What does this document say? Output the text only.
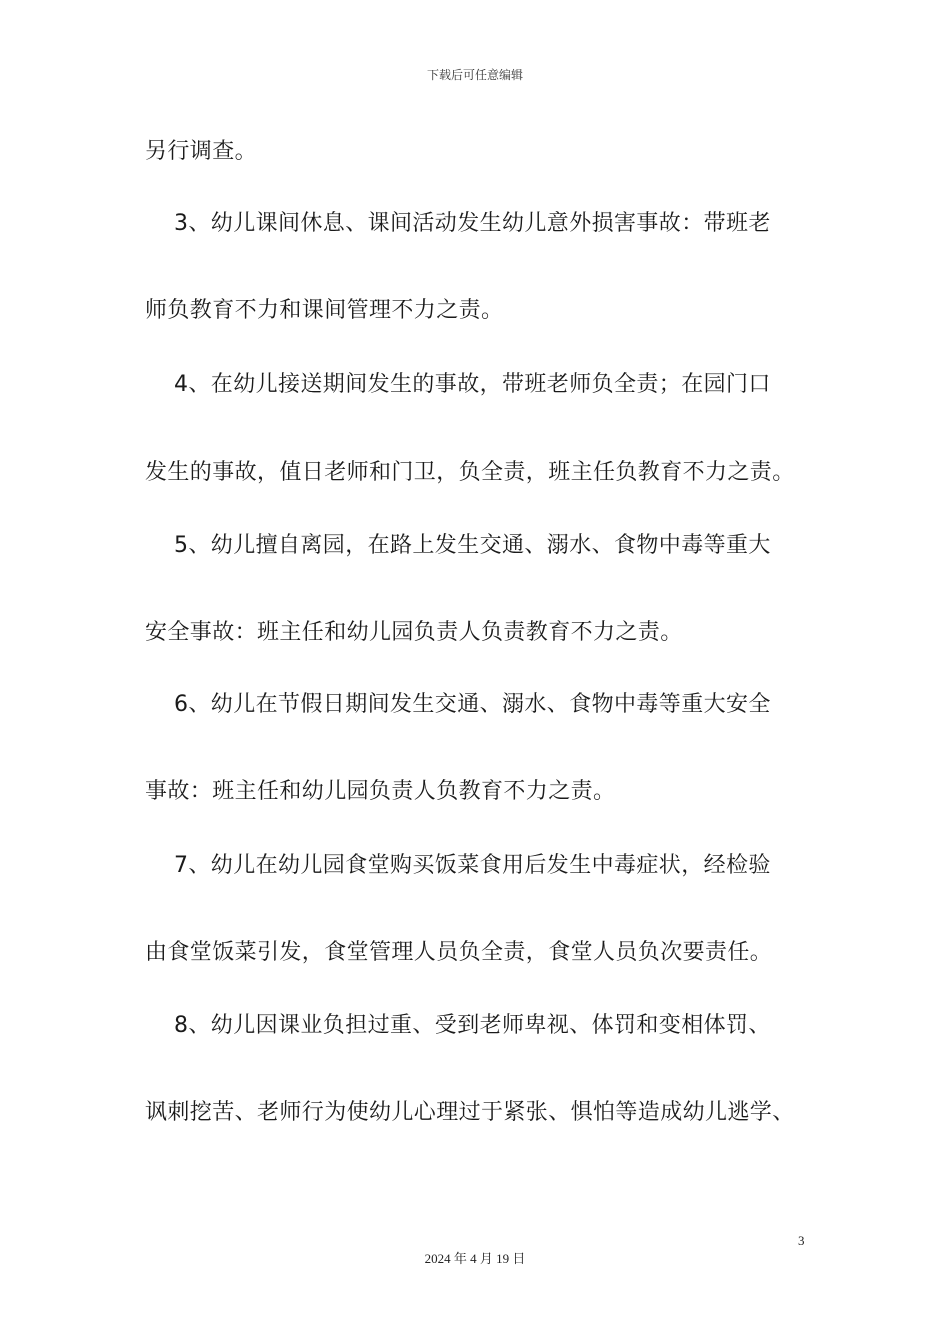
下载后可任意编辑
另行调查。
3、幼儿课间休息、课间活动发生幼儿意外损害事故：带班老
师负教育不力和课间管理不力之责。
4、在幼儿接送期间发生的事故，带班老师负全责；在园门口
发生的事故，值日老师和门卫，负全责，班主任负教育不力之责。
5、幼儿擅自离园，在路上发生交通、溺水、食物中毒等重大
安全事故：班主任和幼儿园负责人负责教育不力之责。
6、幼儿在节假日期间发生交通、溺水、食物中毒等重大安全
事故：班主任和幼儿园负责人负教育不力之责。
7、幼儿在幼儿园食堂购买饭菜食用后发生中毒症状，经检验
由食堂饭菜引发，食堂管理人员负全责，食堂人员负次要责任。
8、幼儿因课业负担过重、受到老师卑视、体罚和变相体罚、
讽刺挖苦、老师行为使幼儿心理过于紧张、惧怕等造成幼儿逃学、
3
2024 年 4 月 19 日
